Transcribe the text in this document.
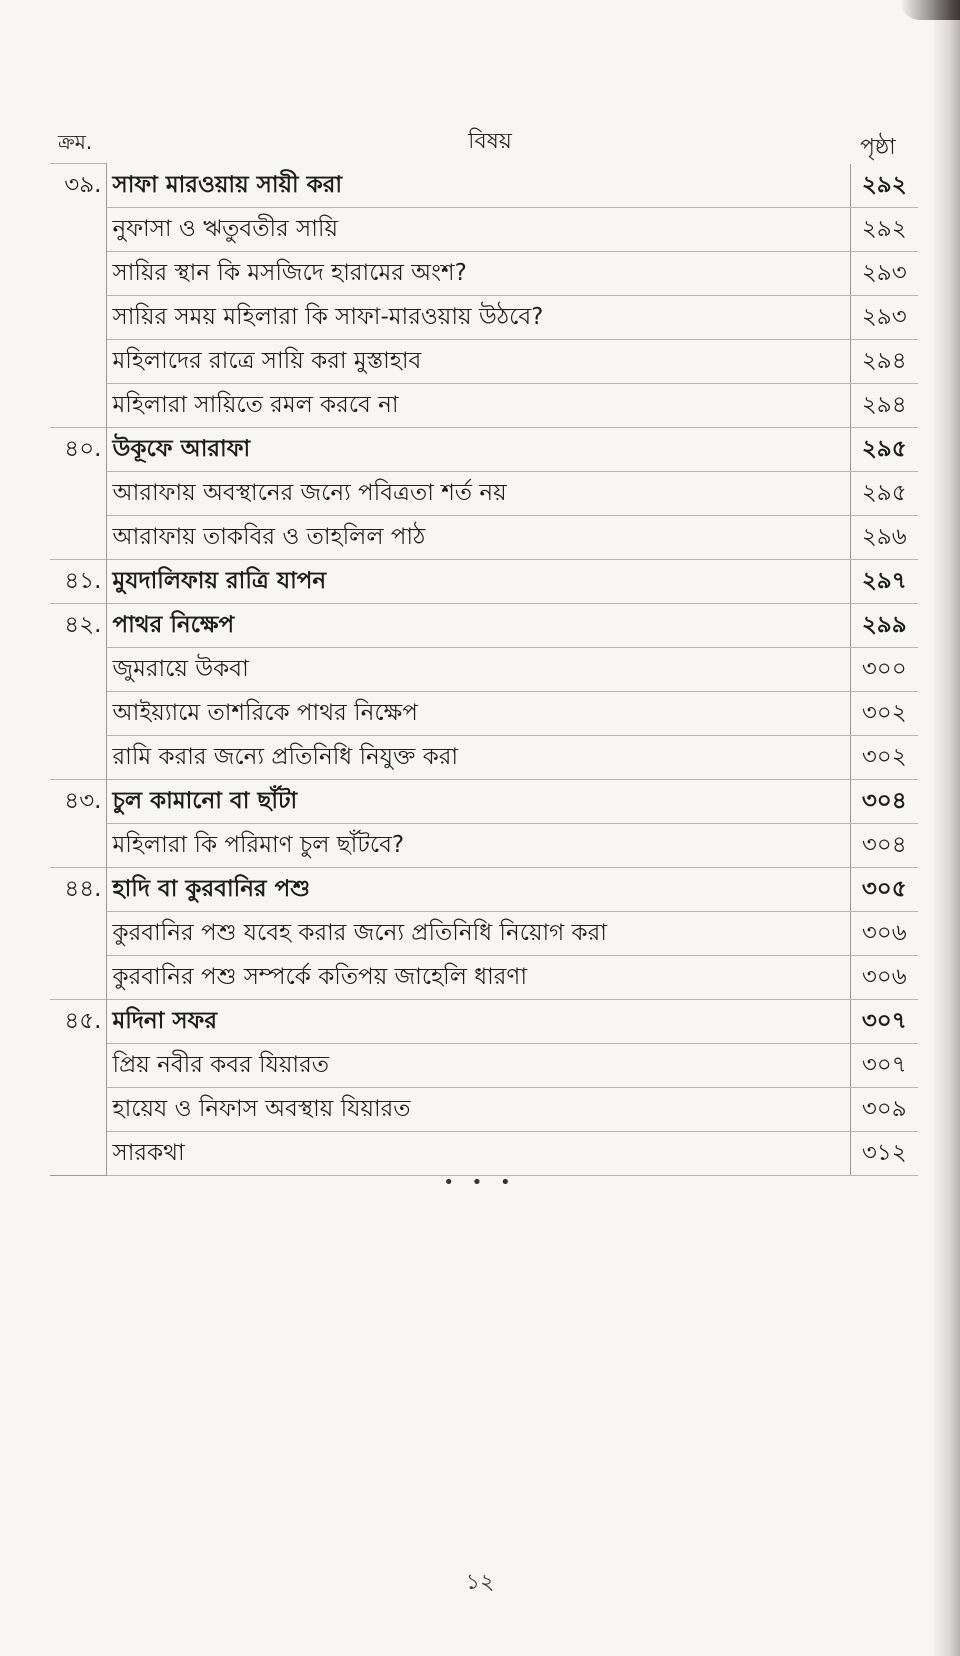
ক্রম.	বিষয়	পৃষ্ঠা
৩৯.	সাফা মারওয়ায় সায়ী করা	২৯২
	নুফাসা ও ঋতুবতীর সায়ি	২৯২
	সায়ির স্থান কি মসজিদে হারামের অংশ?	২৯৩
	সায়ির সময় মহিলারা কি সাফা-মারওয়ায় উঠবে?	২৯৩
	মহিলাদের রাত্রে সায়ি করা মুস্তাহাব	২৯৪
	মহিলারা সায়িতে রমল করবে না	২৯৪
৪০.	উকূফে আরাফা	২৯৫
	আরাফায় অবস্থানের জন্যে পবিত্রতা শর্ত নয়	২৯৫
	আরাফায় তাকবির ও তাহলিল পাঠ	২৯৬
৪১.	মুযদালিফায় রাত্রি যাপন	২৯৭
৪২.	পাথর নিক্ষেপ	২৯৯
	জুমরায়ে উকবা	৩০০
	আইয়্যামে তাশরিকে পাথর নিক্ষেপ	৩০২
	রামি করার জন্যে প্রতিনিধি নিযুক্ত করা	৩০২
৪৩.	চুল কামানো বা ছাঁটা	৩০৪
	মহিলারা কি পরিমাণ চুল ছাঁটবে?	৩০৪
৪৪.	হাদি বা কুরবানির পশু	৩০৫
	কুরবানির পশু যবেহ করার জন্যে প্রতিনিধি নিয়োগ করা	৩০৬
	কুরবানির পশু সম্পর্কে কতিপয় জাহেলি ধারণা	৩০৬
৪৫.	মদিনা সফর	৩০৭
	প্রিয় নবীর কবর যিয়ারত	৩০৭
	হায়েয ও নিফাস অবস্থায় যিয়ারত	৩০৯
	সারকথা	৩১২
• • •
১২
